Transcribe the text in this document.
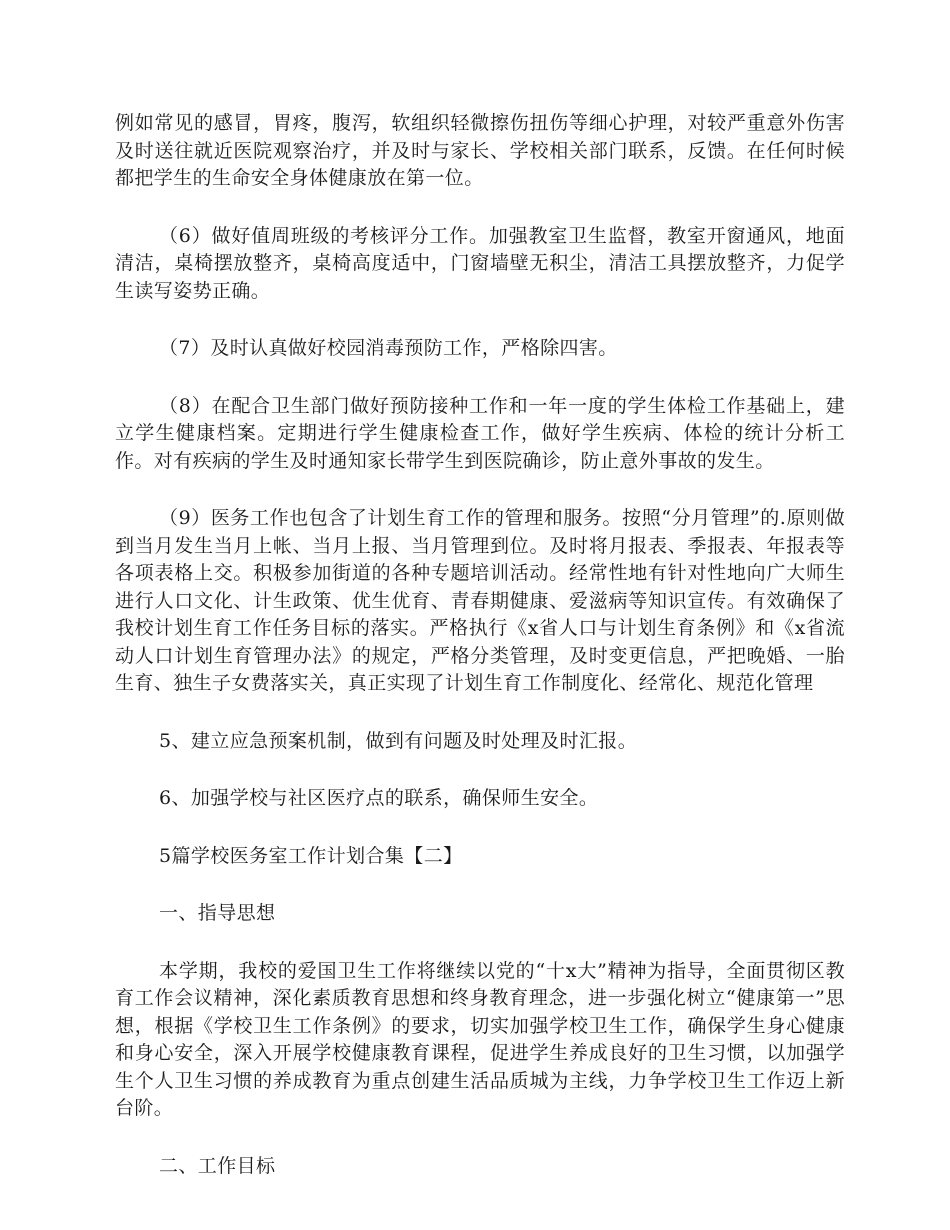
例如常见的感冒，胃疼，腹泻，软组织轻微擦伤扭伤等细心护理，对较严重意外伤害及时送往就近医院观察治疗，并及时与家长、学校相关部门联系，反馈。在任何时候都把学生的生命安全身体健康放在第一位。

（6）做好值周班级的考核评分工作。加强教室卫生监督，教室开窗通风，地面清洁，桌椅摆放整齐，桌椅高度适中，门窗墙壁无积尘，清洁工具摆放整齐，力促学生读写姿势正确。

（7）及时认真做好校园消毒预防工作，严格除四害。

（8）在配合卫生部门做好预防接种工作和一年一度的学生体检工作基础上，建立学生健康档案。定期进行学生健康检查工作，做好学生疾病、体检的统计分析工作。对有疾病的学生及时通知家长带学生到医院确诊，防止意外事故的发生。

（9）医务工作也包含了计划生育工作的管理和服务。按照“分月管理”的.原则做到当月发生当月上帐、当月上报、当月管理到位。及时将月报表、季报表、年报表等各项表格上交。积极参加街道的各种专题培训活动。经常性地有针对性地向广大师生进行人口文化、计生政策、优生优育、青春期健康、爱滋病等知识宣传。有效确保了我校计划生育工作任务目标的落实。严格执行《x省人口与计划生育条例》和《x省流动人口计划生育管理办法》的规定，严格分类管理，及时变更信息，严把晚婚、一胎生育、独生子女费落实关，真正实现了计划生育工作制度化、经常化、规范化管理

5、建立应急预案机制，做到有问题及时处理及时汇报。

6、加强学校与社区医疗点的联系，确保师生安全。

5篇学校医务室工作计划合集【二】

一、指导思想

本学期，我校的爱国卫生工作将继续以党的“十x大”精神为指导，全面贯彻区教育工作会议精神，深化素质教育思想和终身教育理念，进一步强化树立“健康第一”思想，根据《学校卫生工作条例》的要求，切实加强学校卫生工作，确保学生身心健康和身心安全，深入开展学校健康教育课程，促进学生养成良好的卫生习惯，以加强学生个人卫生习惯的养成教育为重点创建生活品质城为主线，力争学校卫生工作迈上新台阶。

二、工作目标
